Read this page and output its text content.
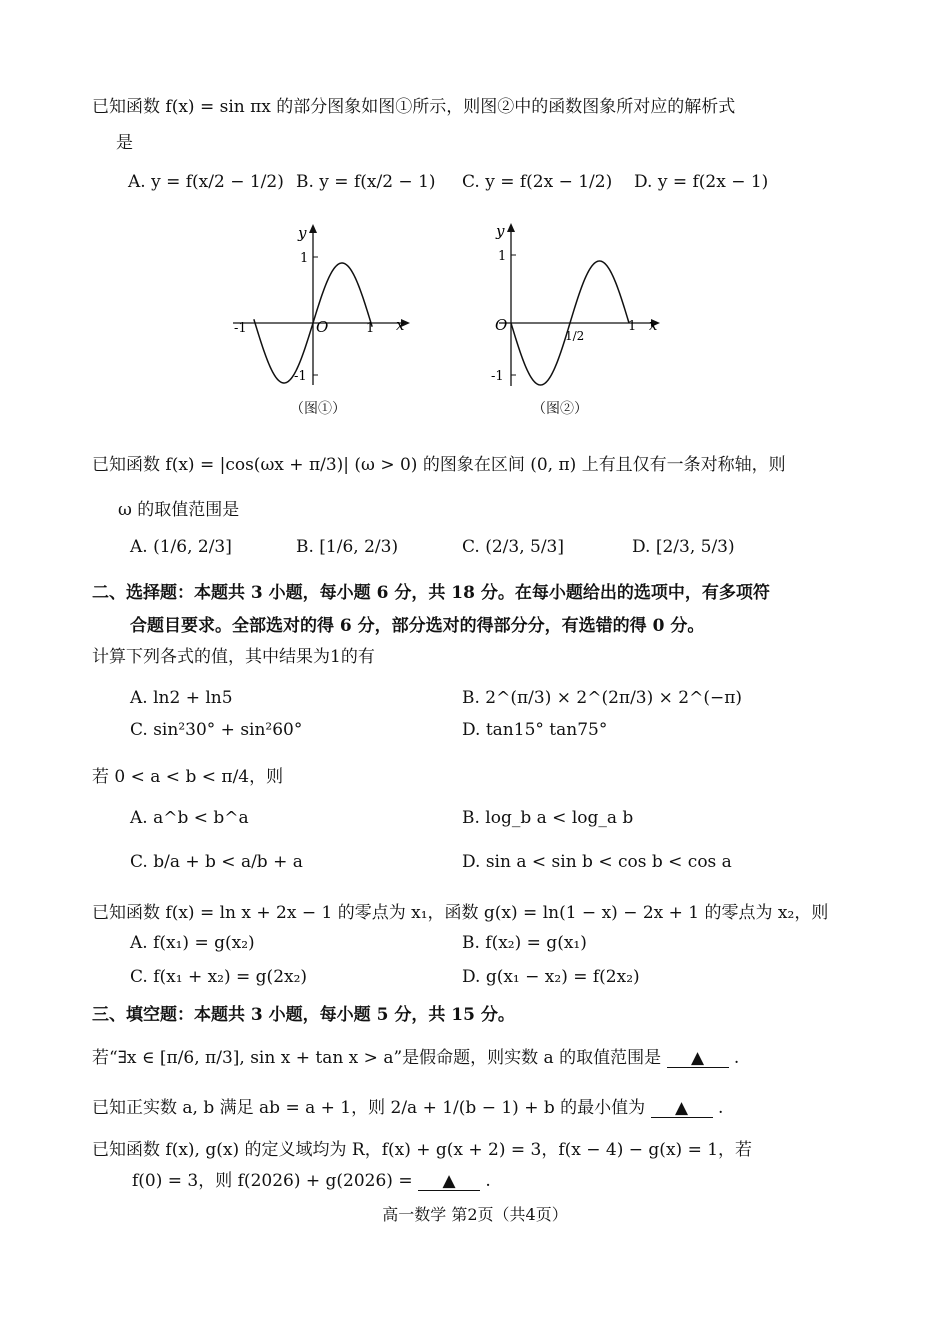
已知函数 f(x) = sin πx 的部分图象如图①所示，则图②中的函数图象所对应的解析式
是
A. y = f(x/2 − 1/2) B. y = f(x/2 − 1) C. y = f(2x − 1/2) D. y = f(2x − 1)
y
x
O	1
-1
1
-1
（图①）
y
x
O	1
1
-1
1/2
（图②）
已知函数 f(x) = |cos(ωx + π/3)| (ω > 0) 的图象在区间 (0, π) 上有且仅有一条对称轴，则
ω 的取值范围是
A. (1/6, 2/3]	B. [1/6, 2/3)	C. (2/3, 5/3]	D. [2/3, 5/3)
二、选择题：本题共 3 小题，每小题 6 分，共 18 分。在每小题给出的选项中，有多项符
合题目要求。全部选对的得 6 分，部分选对的得部分分，有选错的得 0 分。
计算下列各式的值，其中结果为1的有
A. ln2 + ln5	B. 2^(π/3) × 2^(2π/3) × 2^(−π)
C. sin²30° + sin²60°	D. tan15° tan75°
若 0 < a < b < π/4，则
A. a^b < b^a	B. log_b a < log_a b
C. b/a + b < a/b + a	D. sin a < sin b < cos b < cos a
已知函数 f(x) = ln x + 2x − 1 的零点为 x₁，函数 g(x) = ln(1 − x) − 2x + 1 的零点为 x₂，则
A. f(x₁) = g(x₂)	B. f(x₂) = g(x₁)
C. f(x₁ + x₂) = g(2x₂)	D. g(x₁ − x₂) = f(2x₂)
三、填空题：本题共 3 小题，每小题 5 分，共 15 分。
若“∃x ∈ [π/6, π/3], sin x + tan x > a”是假命题，则实数 a 的取值范围是 ▲ .
已知正实数 a, b 满足 ab = a + 1，则 2/a + 1/(b − 1) + b 的最小值为 ▲ .
已知函数 f(x), g(x) 的定义域均为 R，f(x) + g(x + 2) = 3，f(x − 4) − g(x) = 1，若
f(0) = 3，则 f(2026) + g(2026) = ▲ .
高一数学 第2页（共4页）
